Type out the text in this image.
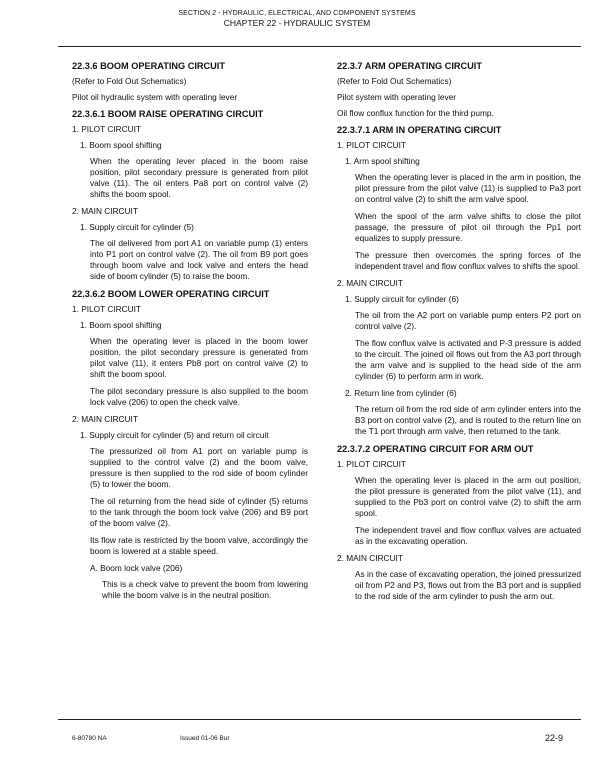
SECTION 2 - HYDRAULIC, ELECTRICAL, AND COMPONENT SYSTEMS
CHAPTER 22 - HYDRAULIC SYSTEM
22.3.6 BOOM OPERATING CIRCUIT
(Refer to Fold Out Schematics)
Pilot oil hydraulic system with operating lever
22.3.6.1 BOOM RAISE OPERATING CIRCUIT
1. PILOT CIRCUIT
1. Boom spool shifting
When the operating lever placed in the boom raise position, pilot secondary pressure is generated from pilot valve (11). The oil enters Pa8 port on control valve (2) shifts the boom spool.
2. MAIN CIRCUIT
1. Supply circuit for cylinder (5)
The oil delivered from port A1 on variable pump (1) enters into P1 port on control valve (2). The oil from B9 port goes through boom valve and lock valve and enters the head side of boom cylinder (5) to raise the boom.
22.3.6.2 BOOM LOWER OPERATING CIRCUIT
1. PILOT CIRCUIT
1. Boom spool shifting
When the operating lever is placed in the boom lower position, the pilot secondary pressure is generated from pilot valve (11), it enters Pb8 port on control valve (2) to shift the boom spool.
The pilot secondary pressure is also supplied to the boom lock valve (206) to open the check valve.
2. MAIN CIRCUIT
1. Supply circuit for cylinder (5) and return oil circuit
The pressurized oil from A1 port on variable pump is supplied to the control valve (2) and the boom valve, pressure is then supplied to the rod side of boom cylinder (5) to lower the boom.
The oil returning from the head side of cylinder (5) returns to the tank through the boom lock valve (206) and B9 port of the boom valve (2).
Its flow rate is restricted by the boom valve, accordingly the boom is lowered at a stable speed.
A. Boom lock valve (206)
This is a check valve to prevent the boom from lowering while the boom valve is in the neutral position.
22.3.7 ARM OPERATING CIRCUIT
(Refer to Fold Out Schematics)
Pilot system with operating lever
Oil flow conflux function for the third pump.
22.3.7.1 ARM IN OPERATING CIRCUIT
1. PILOT CIRCUIT
1. Arm spool shifting
When the operating lever is placed in the arm in position, the pilot pressure from the pilot valve (11) is supplied to Pa3 port on control valve (2) to shift the arm valve spool.
When the spool of the arm valve shifts to close the pilot passage, the pressure of pilot oil through the Pp1 port equalizes to supply pressure.
The pressure then overcomes the spring forces of the independent travel and flow conflux valves to shifts the spool.
2. MAIN CIRCUIT
1. Supply circuit for cylinder (6)
The oil from the A2 port on variable pump enters P2 port on control valve (2).
The flow conflux valve is activated and P-3 pressure is added to the circuit. The joined oil flows out from the A3 port through the arm valve and is supplied to the head side of the arm cylinder (6) to perform arm in work.
2. Return line from cylinder (6)
The return oil from the rod side of arm cylinder enters into the B3 port on control valve (2), and is routed to the return line on the T1 port through arm valve, then returned to the tank.
22.3.7.2 OPERATING CIRCUIT FOR ARM OUT
1. PILOT CIRCUIT
When the operating lever is placed in the arm out position, the pilot pressure is generated from the pilot valve (11), and supplied to the Pb3 port on control valve (2) to shift the arm spool.
The independent travel and flow conflux valves are actuated as in the excavating operation.
2. MAIN CIRCUIT
As in the case of excavating operation, the joined pressurized oil from P2 and P3, flows out from the B3 port and is supplied to the rod side of the arm cylinder to push the arm out.
6-80780 NA	Issued 01-06 Bur	22-9
